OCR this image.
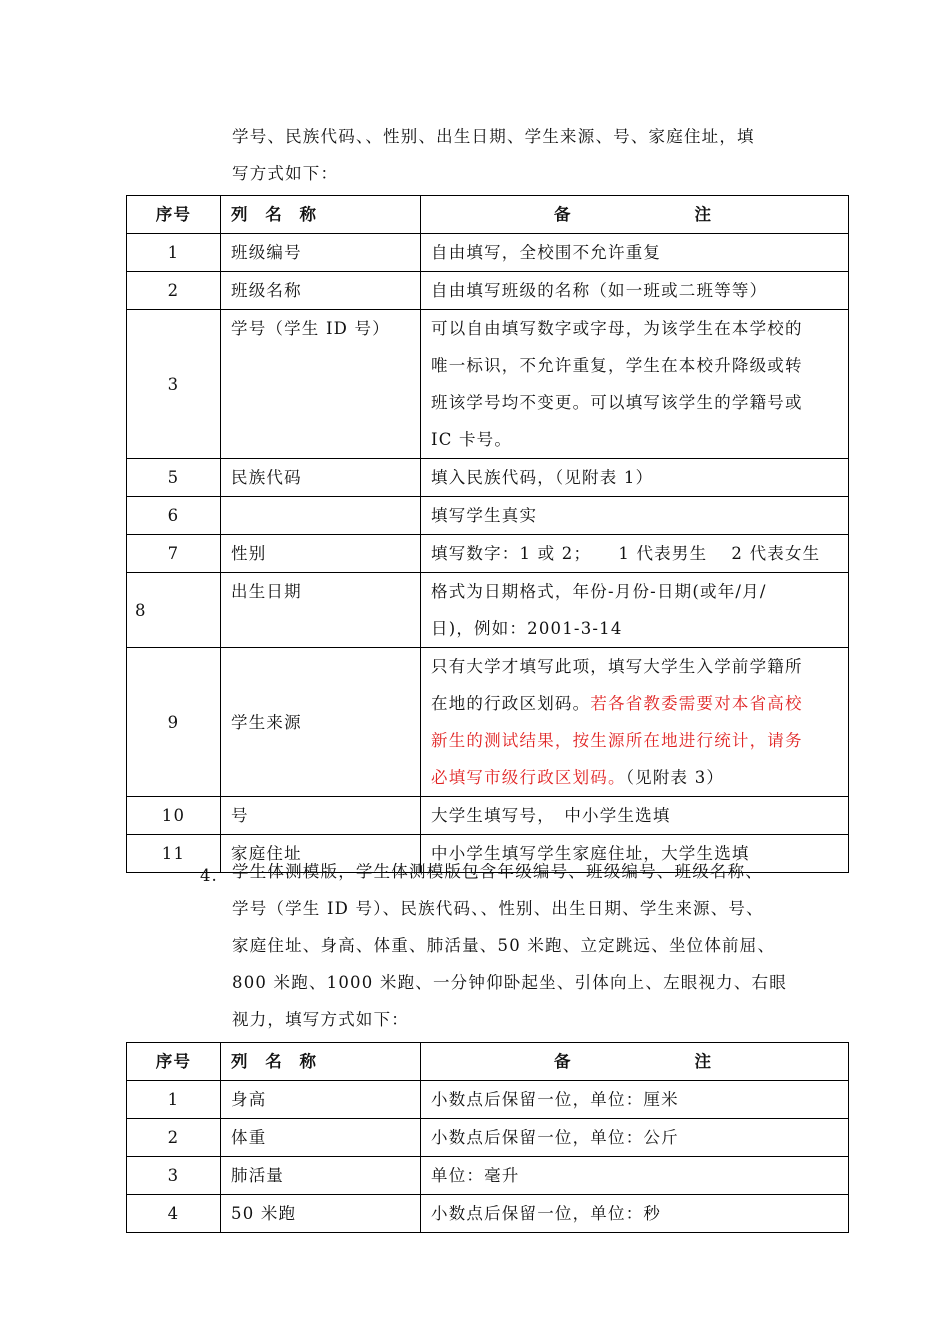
学号、民族代码、、性别、出生日期、学生来源、号、家庭住址，填
写方式如下：

序号	列 名 称	备 注
1	班级编号	自由填写，全校围不允许重复

2	班级名称	自由填写班级的名称（如一班或二班等等）

3	学号（学生 ID 号）	可以自由填写数字或字母，为该学生在本学校的
唯一标识，不允许重复，学生在本校升降级或转
班该学号均不变更。可以填写该学生的学籍号或
IC 卡号。

5	民族代码	填入民族代码，（见附表 1）

6		填写学生真实

7	性别	填写数字：1 或 2；　　1 代表男生　 2 代表女生

8	出生日期	格式为日期格式，年份-月份-日期(或年/月/
日)，例如：2001-3-14

9	学生来源	只有大学才填写此项，填写大学生入学前学籍所
在地的行政区划码。若各省教委需要对本省高校
新生的测试结果，按生源所在地进行统计，请务
必填写市级行政区划码。（见附表 3）

10	号	大学生填写号，　中小学生选填

11	家庭住址	中小学生填写学生家庭住址，大学生选填
4. 学生体测模版，学生体测模版包含年级编号、班级编号、班级名称、
学号（学生 ID 号）、民族代码、、性别、出生日期、学生来源、号、
家庭住址、身高、体重、肺活量、50 米跑、立定跳远、坐位体前屈、
800 米跑、1000 米跑、一分钟仰卧起坐、引体向上、左眼视力、右眼
视力，填写方式如下：

序号	列 名 称	备 注
1	身高	小数点后保留一位，单位：厘米
2	体重	小数点后保留一位，单位：公斤
3	肺活量	单位：毫升
4	50 米跑	小数点后保留一位，单位：秒
